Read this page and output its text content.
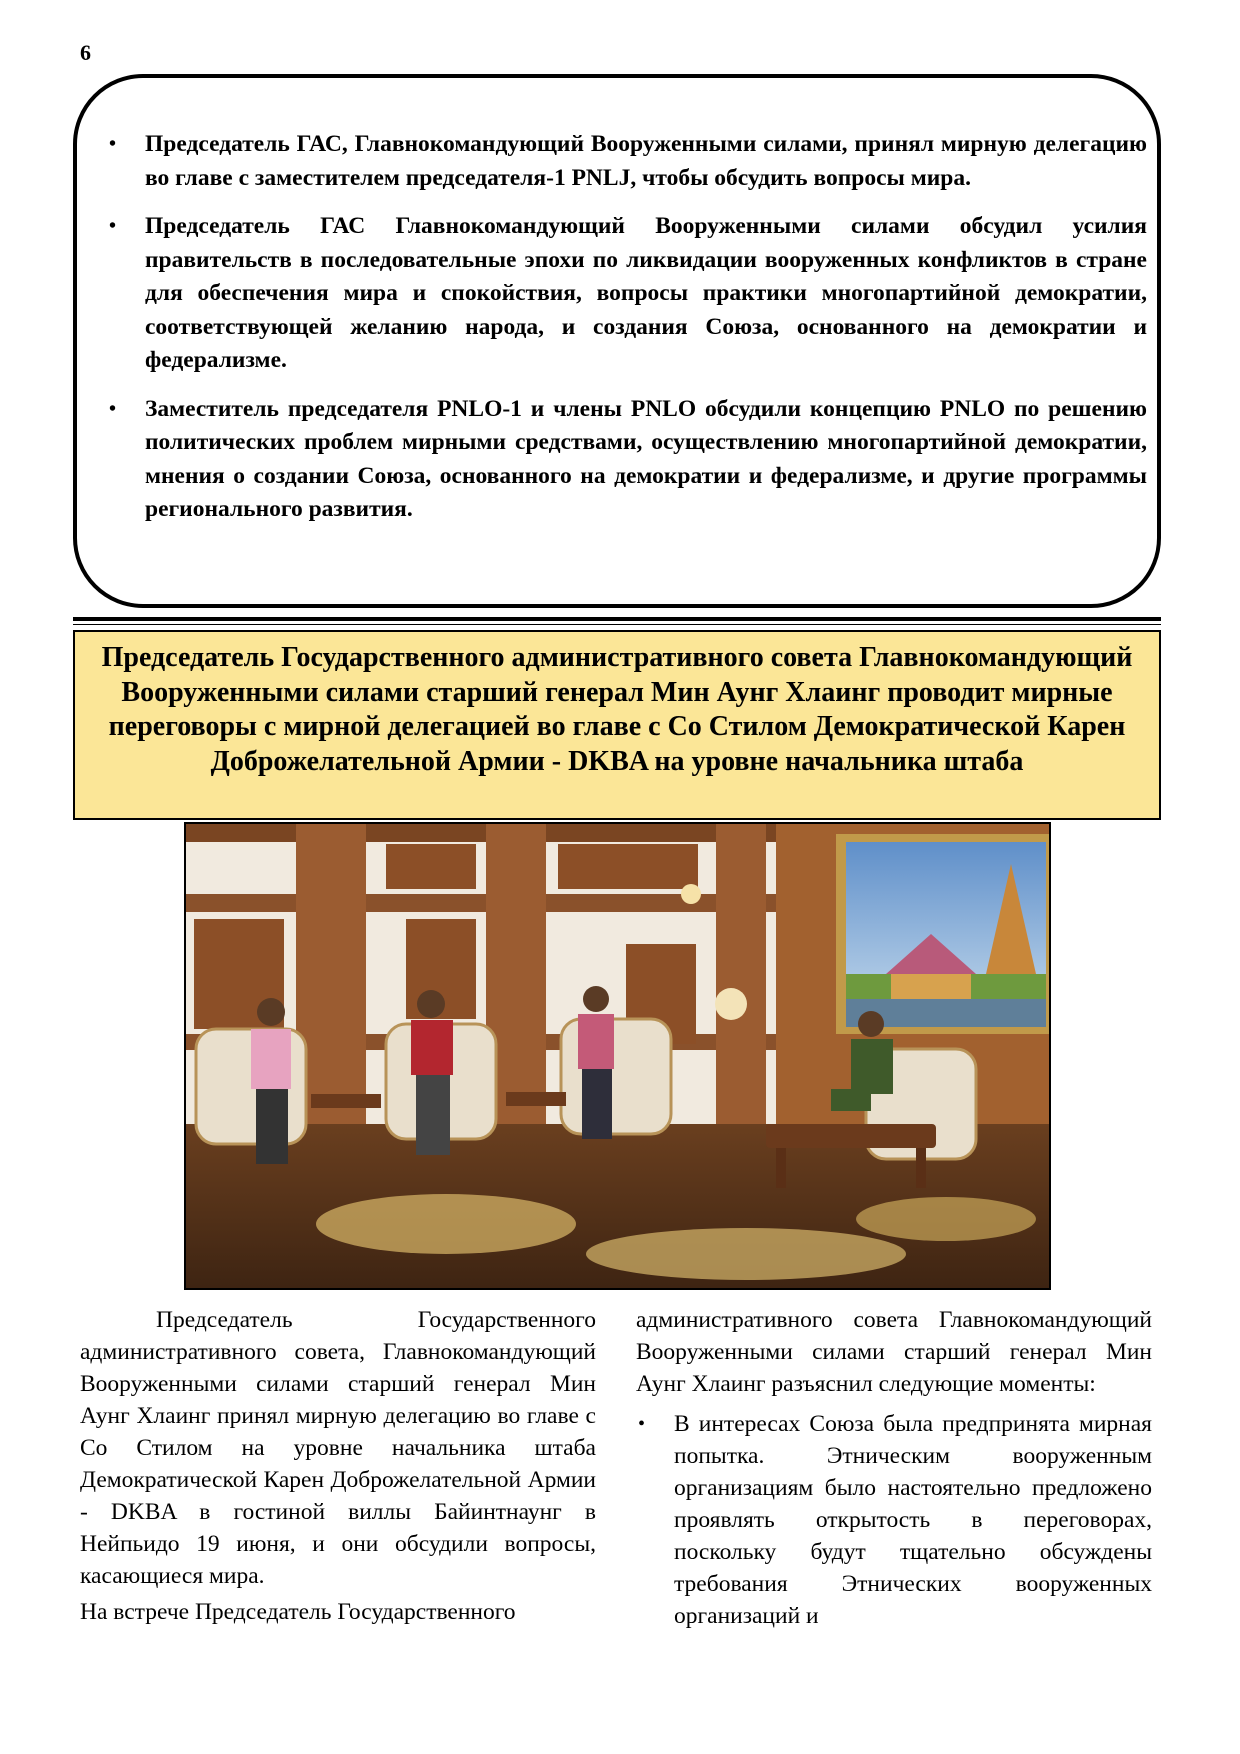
6
• Председатель ГАС, Главнокомандующий Вооруженными силами, принял мирную делегацию во главе с заместителем председателя-1 PNLJ, чтобы обсудить вопросы мира.
• Председатель ГАС Главнокомандующий Вооруженными силами обсудил усилия правительств в последовательные эпохи по ликвидации вооруженных конфликтов в стране для обеспечения мира и спокойствия, вопросы практики многопартийной демократии, соответствующей желанию народа, и создания Союза, основанного на демократии и федерализме.
• Заместитель председателя PNLO-1 и члены PNLO обсудили концепцию PNLO по решению политических проблем мирными средствами, осуществлению многопартийной демократии, мнения о создании Союза, основанного на демократии и федерализме, и другие программы регионального развития.
Председатель Государственного административного совета Главнокомандующий Вооруженными силами старший генерал Мин Аунг Хлаинг проводит мирные переговоры с мирной делегацией во главе с Со Стилом Демократической Карен Доброжелательной Армии - DKBA на уровне начальника штаба

Председатель Государственного административного совета, Главнокомандующий Вооруженными силами старший генерал Мин Аунг Хлаинг принял мирную делегацию во главе с Со Стилом на уровне начальника штаба Демократической Карен Доброжелательной Армии - DKBA в гостиной виллы Байинтнаунг в Нейпьидо 19 июня, и они обсудили вопросы, касающиеся мира.

На встрече Председатель Государственного

административного совета Главнокомандующий Вооруженными силами старший генерал Мин Аунг Хлаинг разъяснил следующие моменты:

• В интересах Союза была предпринята мирная попытка. Этническим вооруженным организациям было настоятельно предложено проявлять открытость в переговорах, поскольку будут тщательно обсуждены требования Этнических вооруженных организаций и
